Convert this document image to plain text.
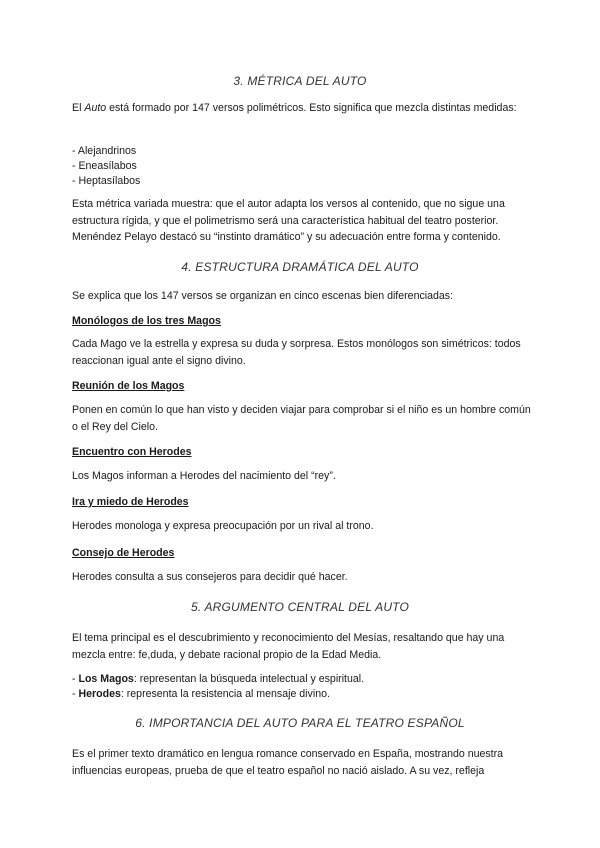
3. MÉTRICA DEL AUTO

El Auto está formado por 147 versos polimétricos. Esto significa que mezcla distintas medidas:

- Alejandrinos
- Eneasílabos
- Heptasílabos

Esta métrica variada muestra: que el autor adapta los versos al contenido, que no sigue una estructura rígida, y que el polimetrismo será una característica habitual del teatro posterior. Menéndez Pelayo destacó su “instinto dramático” y su adecuación entre forma y contenido.

4. ESTRUCTURA DRAMÁTICA DEL AUTO

Se explica que los 147 versos se organizan en cinco escenas bien diferenciadas:

Monólogos de los tres Magos

Cada Mago ve la estrella y expresa su duda y sorpresa. Estos monólogos son simétricos: todos reaccionan igual ante el signo divino.

Reunión de los Magos

Ponen en común lo que han visto y deciden viajar para comprobar si el niño es un hombre común o el Rey del Cielo.

Encuentro con Herodes

Los Magos informan a Herodes del nacimiento del “rey”.

Ira y miedo de Herodes

Herodes monologa y expresa preocupación por un rival al trono.

Consejo de Herodes

Herodes consulta a sus consejeros para decidir qué hacer.

5. ARGUMENTO CENTRAL DEL AUTO

El tema principal es el descubrimiento y reconocimiento del Mesías, resaltando que hay una mezcla entre: fe,duda, y debate racional propio de la Edad Media.

- Los Magos: representan la búsqueda intelectual y espiritual.
- Herodes: representa la resistencia al mensaje divino.
6. IMPORTANCIA DEL AUTO PARA EL TEATRO ESPAÑOL

Es el primer texto dramático en lengua romance conservado en España, mostrando nuestra influencias europeas, prueba de que el teatro español no nació aislado. A su vez, refleja
